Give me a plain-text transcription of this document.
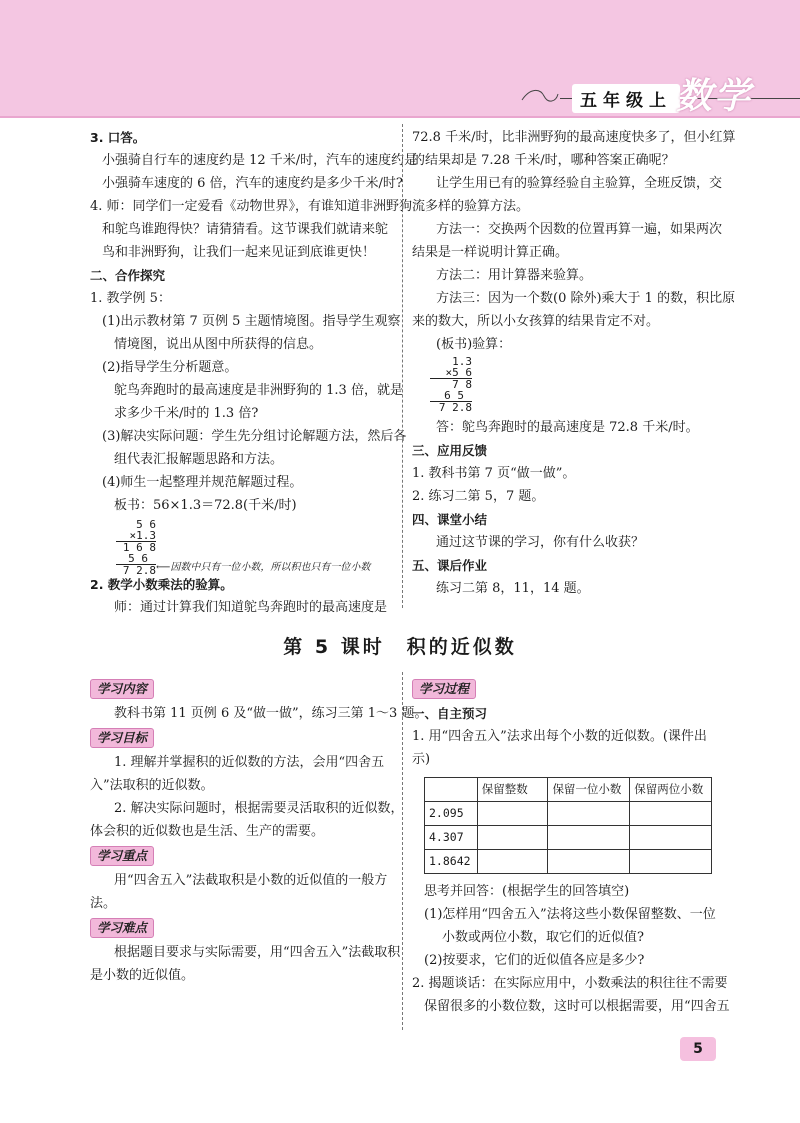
五年级上 数学

3. 口答。

小强骑自行车的速度约是 12 千米/时，汽车的速度约是

小强骑车速度的 6 倍，汽车的速度约是多少千米/时?

4. 师：同学们一定爱看《动物世界》，有谁知道非洲野狗

和鸵鸟谁跑得快？请猜猜看。这节课我们就请来鸵

鸟和非洲野狗，让我们一起来见证到底谁更快！

二、合作探究

1. 教学例 5：

(1)出示教材第 7 页例 5 主题情境图。指导学生观察

情境图，说出从图中所获得的信息。

(2)指导学生分析题意。

鸵鸟奔跑时的最高速度是非洲野狗的 1.3 倍，就是

求多少千米/时的 1.3 倍?

(3)解决实际问题：学生先分组讨论解题方法，然后各

组代表汇报解题思路和方法。

(4)师生一起整理并规范解题过程。

板书：56×1.3＝72.8(千米/时)

5 6
×1.3
1 6 8
5 6
7 2.8 ⟵因数中只有一位小数，所以积也只有一位小数

2. 教学小数乘法的验算。

师：通过计算我们知道鸵鸟奔跑时的最高速度是

72.8 千米/时，比非洲野狗的最高速度快多了，但小红算

的结果却是 7.28 千米/时，哪种答案正确呢？

让学生用已有的验算经验自主验算，全班反馈，交

流多样的验算方法。

方法一：交换两个因数的位置再算一遍，如果两次

结果是一样说明计算正确。

方法二：用计算器来验算。

方法三：因为一个数(0 除外)乘大于 1 的数，积比原

来的数大，所以小女孩算的结果肯定不对。

(板书)验算：

1.3
×5 6
7 8
6 5
7 2.8

答：鸵鸟奔跑时的最高速度是 72.8 千米/时。

三、应用反馈

1. 教科书第 7 页“做一做”。

2. 练习二第 5，7 题。

四、课堂小结

通过这节课的学习，你有什么收获？

五、课后作业

练习二第 8，11，14 题。

第 5 课时　积的近似数
学习内容

教科书第 11 页例 6 及“做一做”，练习三第 1～3 题。

学习目标

1. 理解并掌握积的近似数的方法，会用“四舍五

入”法取积的近似数。

2. 解决实际问题时，根据需要灵活取积的近似数，

体会积的近似数也是生活、生产的需要。

学习重点

用“四舍五入”法截取积是小数的近似值的一般方

法。

学习难点

根据题目要求与实际需要，用“四舍五入”法截取积

是小数的近似值。

学习过程

一、自主预习

1. 用“四舍五入”法求出每个小数的近似数。(课件出

示)

	保留整数	保留一位小数	保留两位小数
2.095			
4.307			
1.8642			

思考并回答：(根据学生的回答填空)

(1)怎样用“四舍五入”法将这些小数保留整数、一位

小数或两位小数，取它们的近似值?

(2)按要求，它们的近似值各应是多少?

2. 揭题谈话：在实际应用中，小数乘法的积往往不需要

保留很多的小数位数，这时可以根据需要，用“四舍五

5
